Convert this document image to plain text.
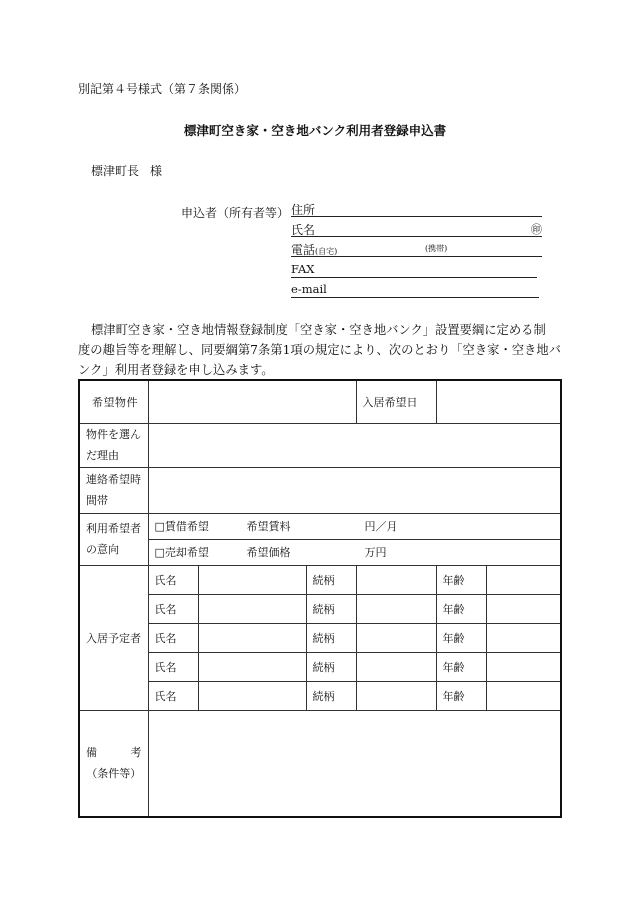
別記第４号様式（第７条関係）
標津町空き家・空き地バンク利用者登録申込書
標津町長 様
申込者（所有者等） 住所
氏名	㊞
電話(自宅)	(携帯)
FAX
e-mail
標津町空き家・空き地情報登録制度「空き家・空き地バンク」設置要綱に定める制
度の趣旨等を理解し、同要綱第7条第1項の規定により、次のとおり「空き家・空き地バ
ンク」利用者登録を申し込みます。
希 望 物 件				入居希望日		
物件を選ん
だ理由						
連絡希望時
間帯						
利用希望者
の意向	□賃借希望 希望賃料 円／月					
	□売却希望 希望価格 万円					
入居予定者	氏名		続柄		年齢	
	氏名		続柄		年齢	
	氏名		続柄		年齢	
	氏名		続柄		年齢	
	氏名		続柄		年齢	

備 考
（条件等）						
